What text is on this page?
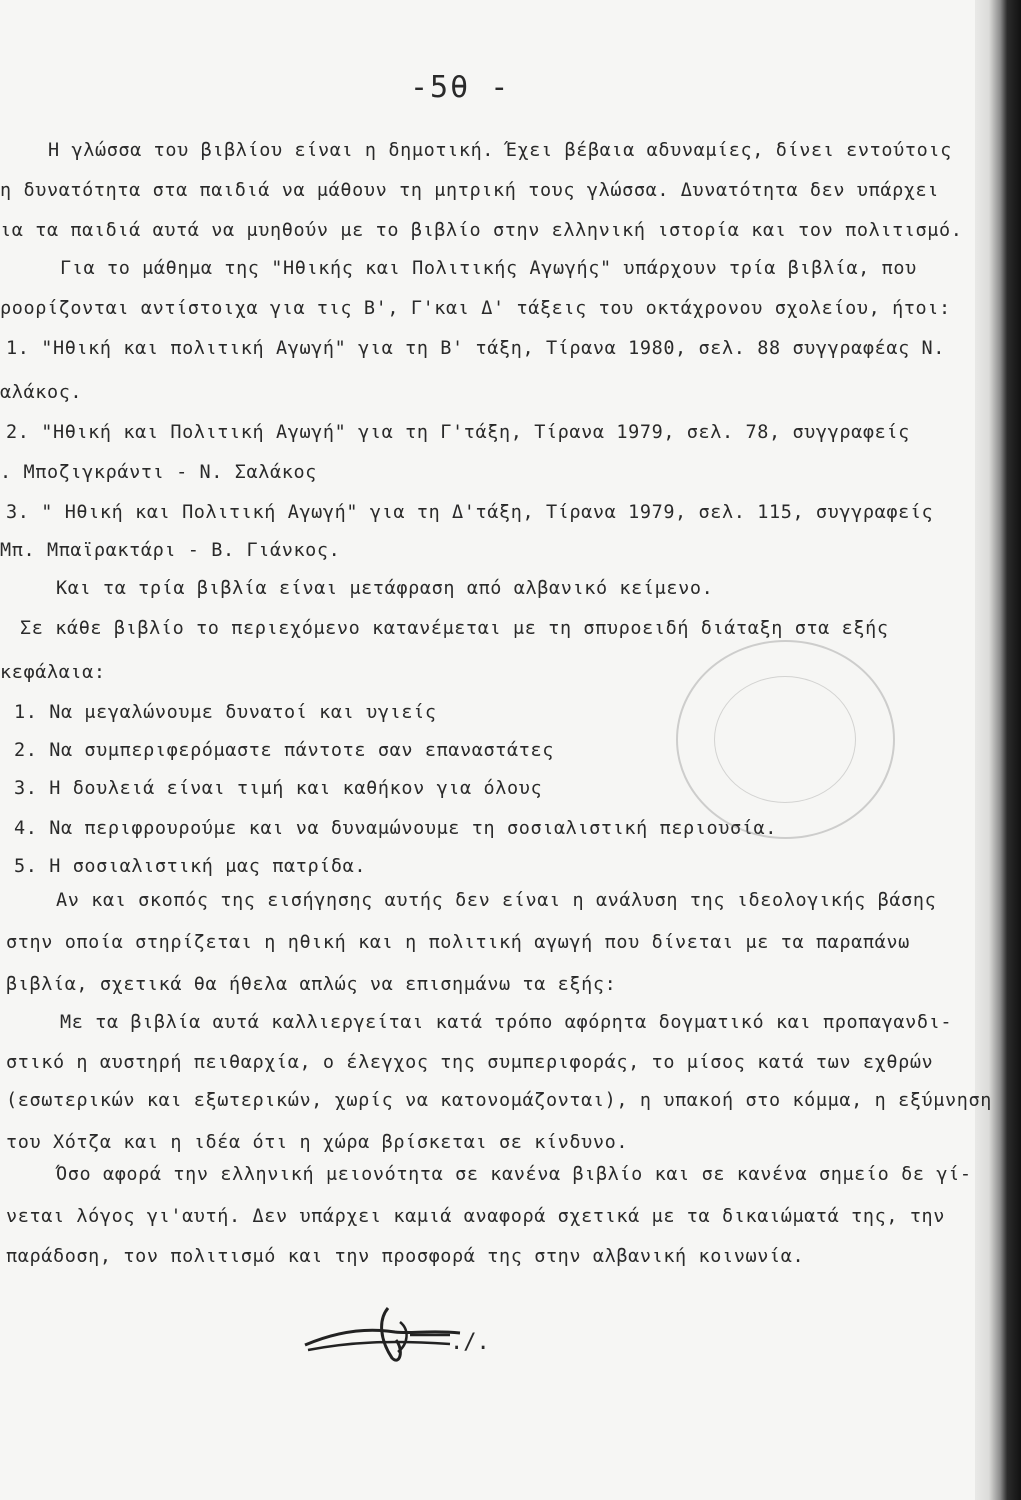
-5θ -
Η γλώσσα του βιβλίου είναι η δημοτική. Έχει βέβαια αδυναμίες, δίνει εντούτοις
η δυνατότητα στα παιδιά να μάθουν τη μητρική τους γλώσσα. Δυνατότητα δεν υπάρχει
ια τα παιδιά αυτά να μυηθούν με το βιβλίο στην ελληνική ιστορία και τον πολιτισμό.
Για το μάθημα της "Ηθικής και Πολιτικής Αγωγής" υπάρχουν τρία βιβλία, που
ροορίζονται αντίστοιχα για τις Β', Γ'και Δ' τάξεις του οκτάχρονου σχολείου, ήτοι:
1. "Ηθική και πολιτική Αγωγή" για τη Β' τάξη, Τίρανα 1980, σελ. 88 συγγραφέας Ν.
αλάκος.
2. "Ηθική και Πολιτική Αγωγή" για τη Γ'τάξη, Τίρανα 1979, σελ. 78, συγγραφείς
. Μποζιγκράντι - Ν. Σαλάκος
3. " Ηθική και Πολιτική Αγωγή" για τη Δ'τάξη, Τίρανα 1979, σελ. 115, συγγραφείς
Μπ. Μπαϊρακτάρι - Β. Γιάνκος.
Και τα τρία βιβλία είναι μετάφραση από αλβανικό κείμενο.
Σε κάθε βιβλίο το περιεχόμενο κατανέμεται με τη σπυροειδή διάταξη στα εξής
κεφάλαια:
1. Να μεγαλώνουμε δυνατοί και υγιείς
2. Να συμπεριφερόμαστε πάντοτε σαν επαναστάτες
3. Η δουλειά είναι τιμή και καθήκον για όλους
4. Να περιφρουρούμε και να δυναμώνουμε τη σοσιαλιστική περιουσία.
5. Η σοσιαλιστική μας πατρίδα.
Αν και σκοπός της εισήγησης αυτής δεν είναι η ανάλυση της ιδεολογικής βάσης
στην οποία στηρίζεται η ηθική και η πολιτική αγωγή που δίνεται με τα παραπάνω
βιβλία, σχετικά θα ήθελα απλώς να επισημάνω τα εξής:
Με τα βιβλία αυτά καλλιεργείται κατά τρόπο αφόρητα δογματικό και προπαγανδι-
στικό η αυστηρή πειθαρχία, ο έλεγχος της συμπεριφοράς, το μίσος κατά των εχθρών
(εσωτερικών και εξωτερικών, χωρίς να κατονομάζονται), η υπακοή στο κόμμα, η εξύμνηση
του Χότζα και η ιδέα ότι η χώρα βρίσκεται σε κίνδυνο.
Όσο αφορά την ελληνική μειονότητα σε κανένα βιβλίο και σε κανένα σημείο δε γί-
νεται λόγος γι'αυτή. Δεν υπάρχει καμιά αναφορά σχετικά με τα δικαιώματά της, την
παράδοση, τον πολιτισμό και την προσφορά της στην αλβανική κοινωνία.
./.
